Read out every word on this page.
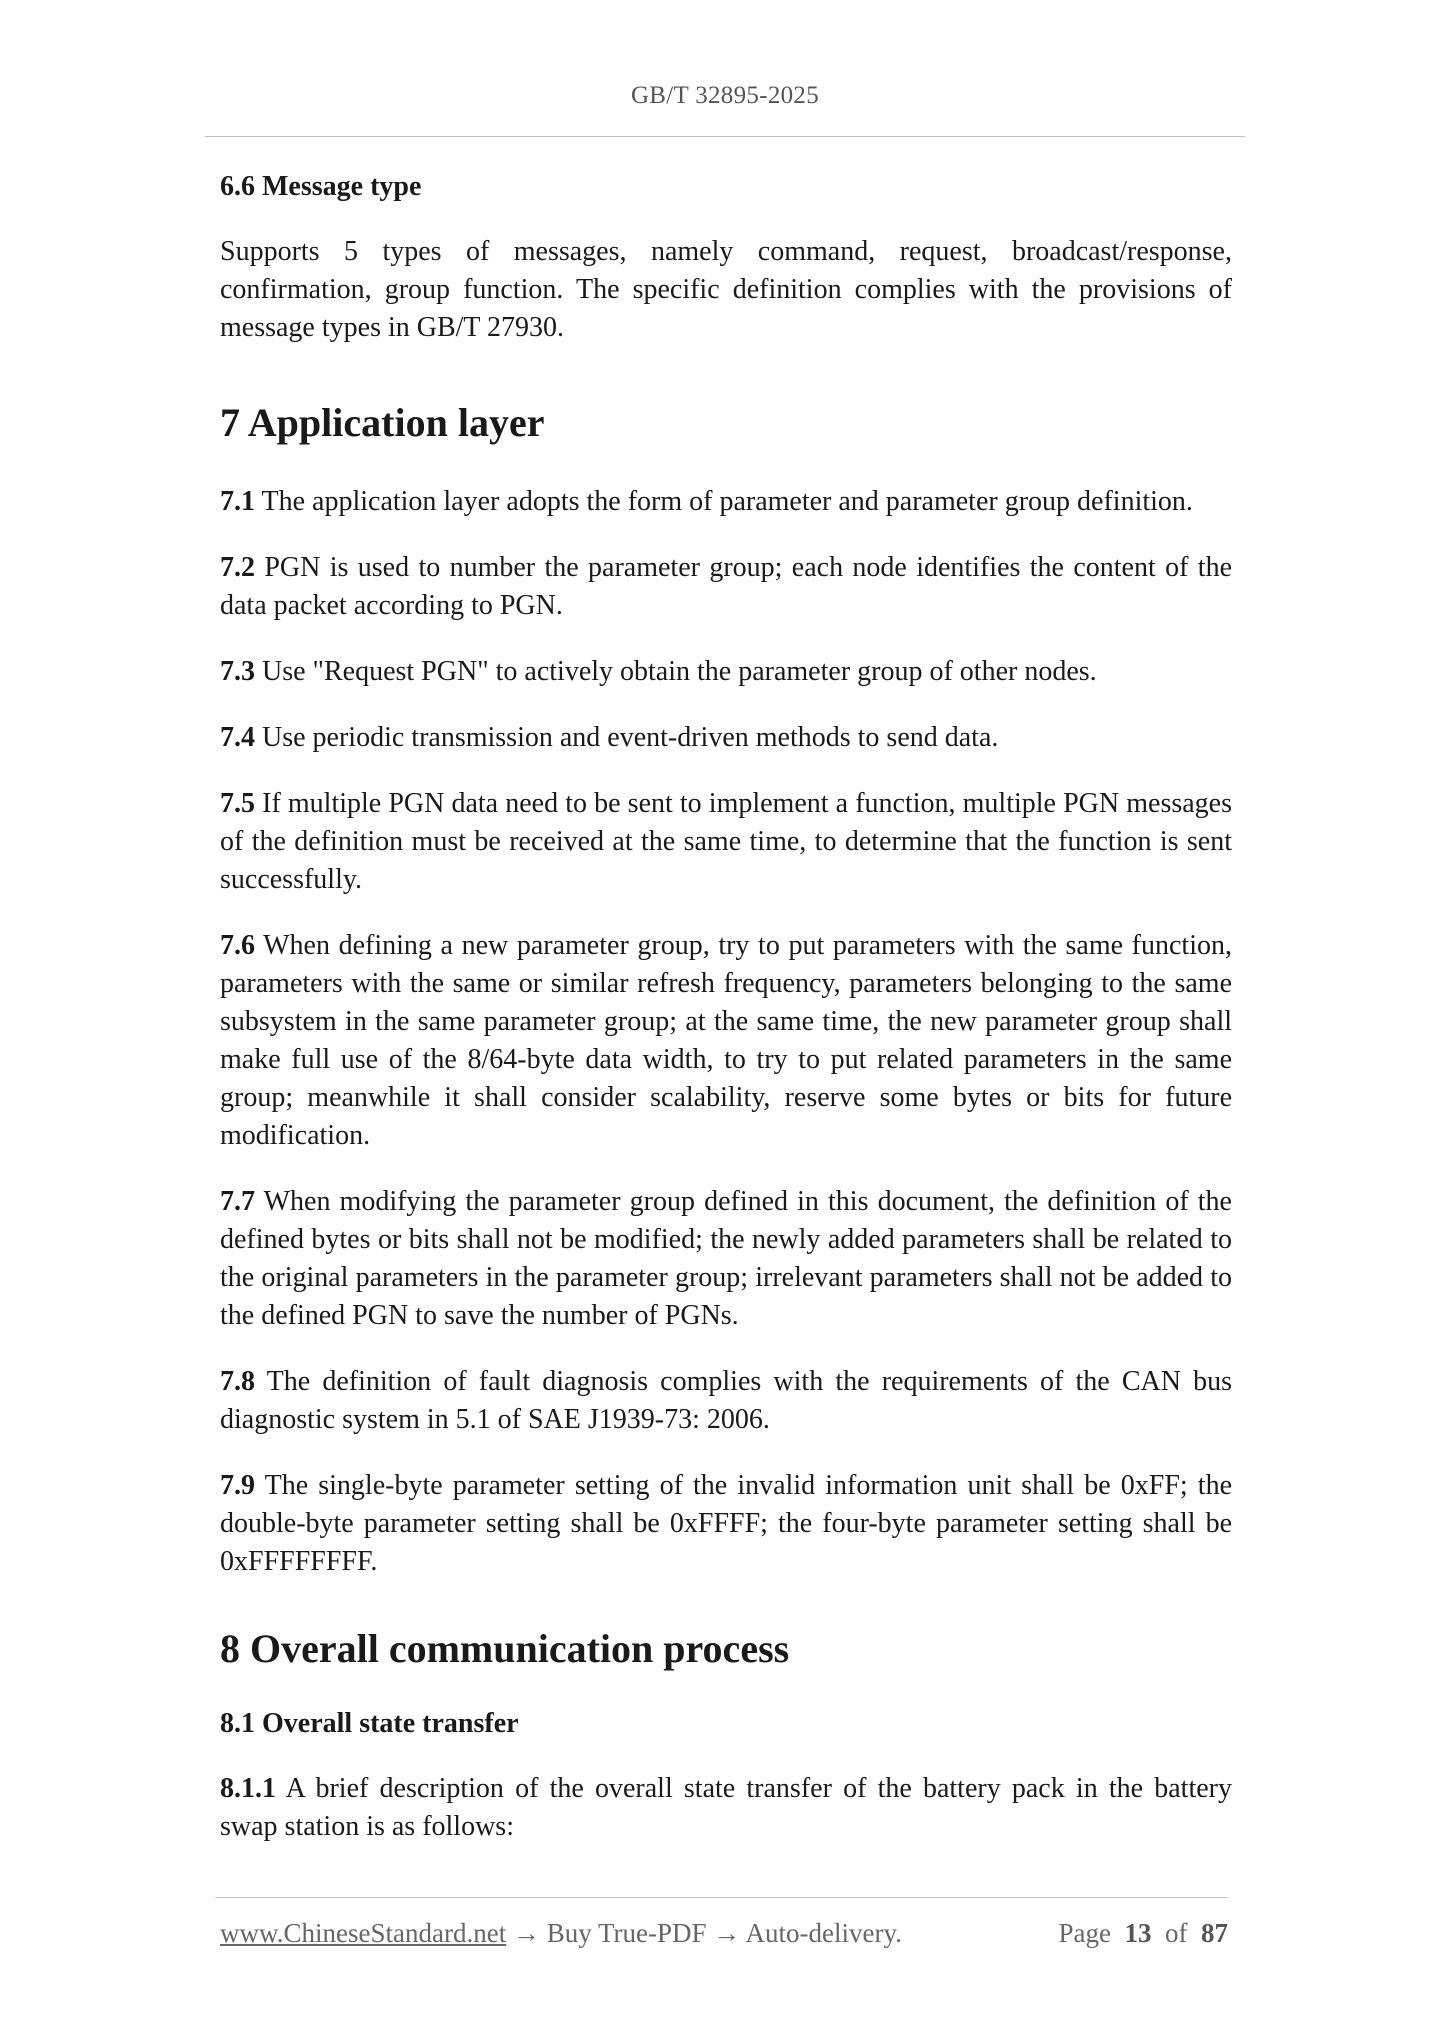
GB/T 32895-2025
6.6 Message type

Supports 5 types of messages, namely command, request, broadcast/response, confirmation, group function. The specific definition complies with the provisions of message types in GB/T 27930.

7 Application layer

7.1 The application layer adopts the form of parameter and parameter group definition.

7.2 PGN is used to number the parameter group; each node identifies the content of the data packet according to PGN.

7.3 Use "Request PGN" to actively obtain the parameter group of other nodes.

7.4 Use periodic transmission and event-driven methods to send data.

7.5 If multiple PGN data need to be sent to implement a function, multiple PGN messages of the definition must be received at the same time, to determine that the function is sent successfully.

7.6 When defining a new parameter group, try to put parameters with the same function, parameters with the same or similar refresh frequency, parameters belonging to the same subsystem in the same parameter group; at the same time, the new parameter group shall make full use of the 8/64-byte data width, to try to put related parameters in the same group; meanwhile it shall consider scalability, reserve some bytes or bits for future modification.

7.7 When modifying the parameter group defined in this document, the definition of the defined bytes or bits shall not be modified; the newly added parameters shall be related to the original parameters in the parameter group; irrelevant parameters shall not be added to the defined PGN to save the number of PGNs.

7.8 The definition of fault diagnosis complies with the requirements of the CAN bus diagnostic system in 5.1 of SAE J1939-73: 2006.

7.9 The single-byte parameter setting of the invalid information unit shall be 0xFF; the double-byte parameter setting shall be 0xFFFF; the four-byte parameter setting shall be 0xFFFFFFFF.

8 Overall communication process
8.1 Overall state transfer

8.1.1 A brief description of the overall state transfer of the battery pack in the battery swap station is as follows:

www.ChineseStandard.net → Buy True-PDF → Auto-delivery.	Page 13 of 87
